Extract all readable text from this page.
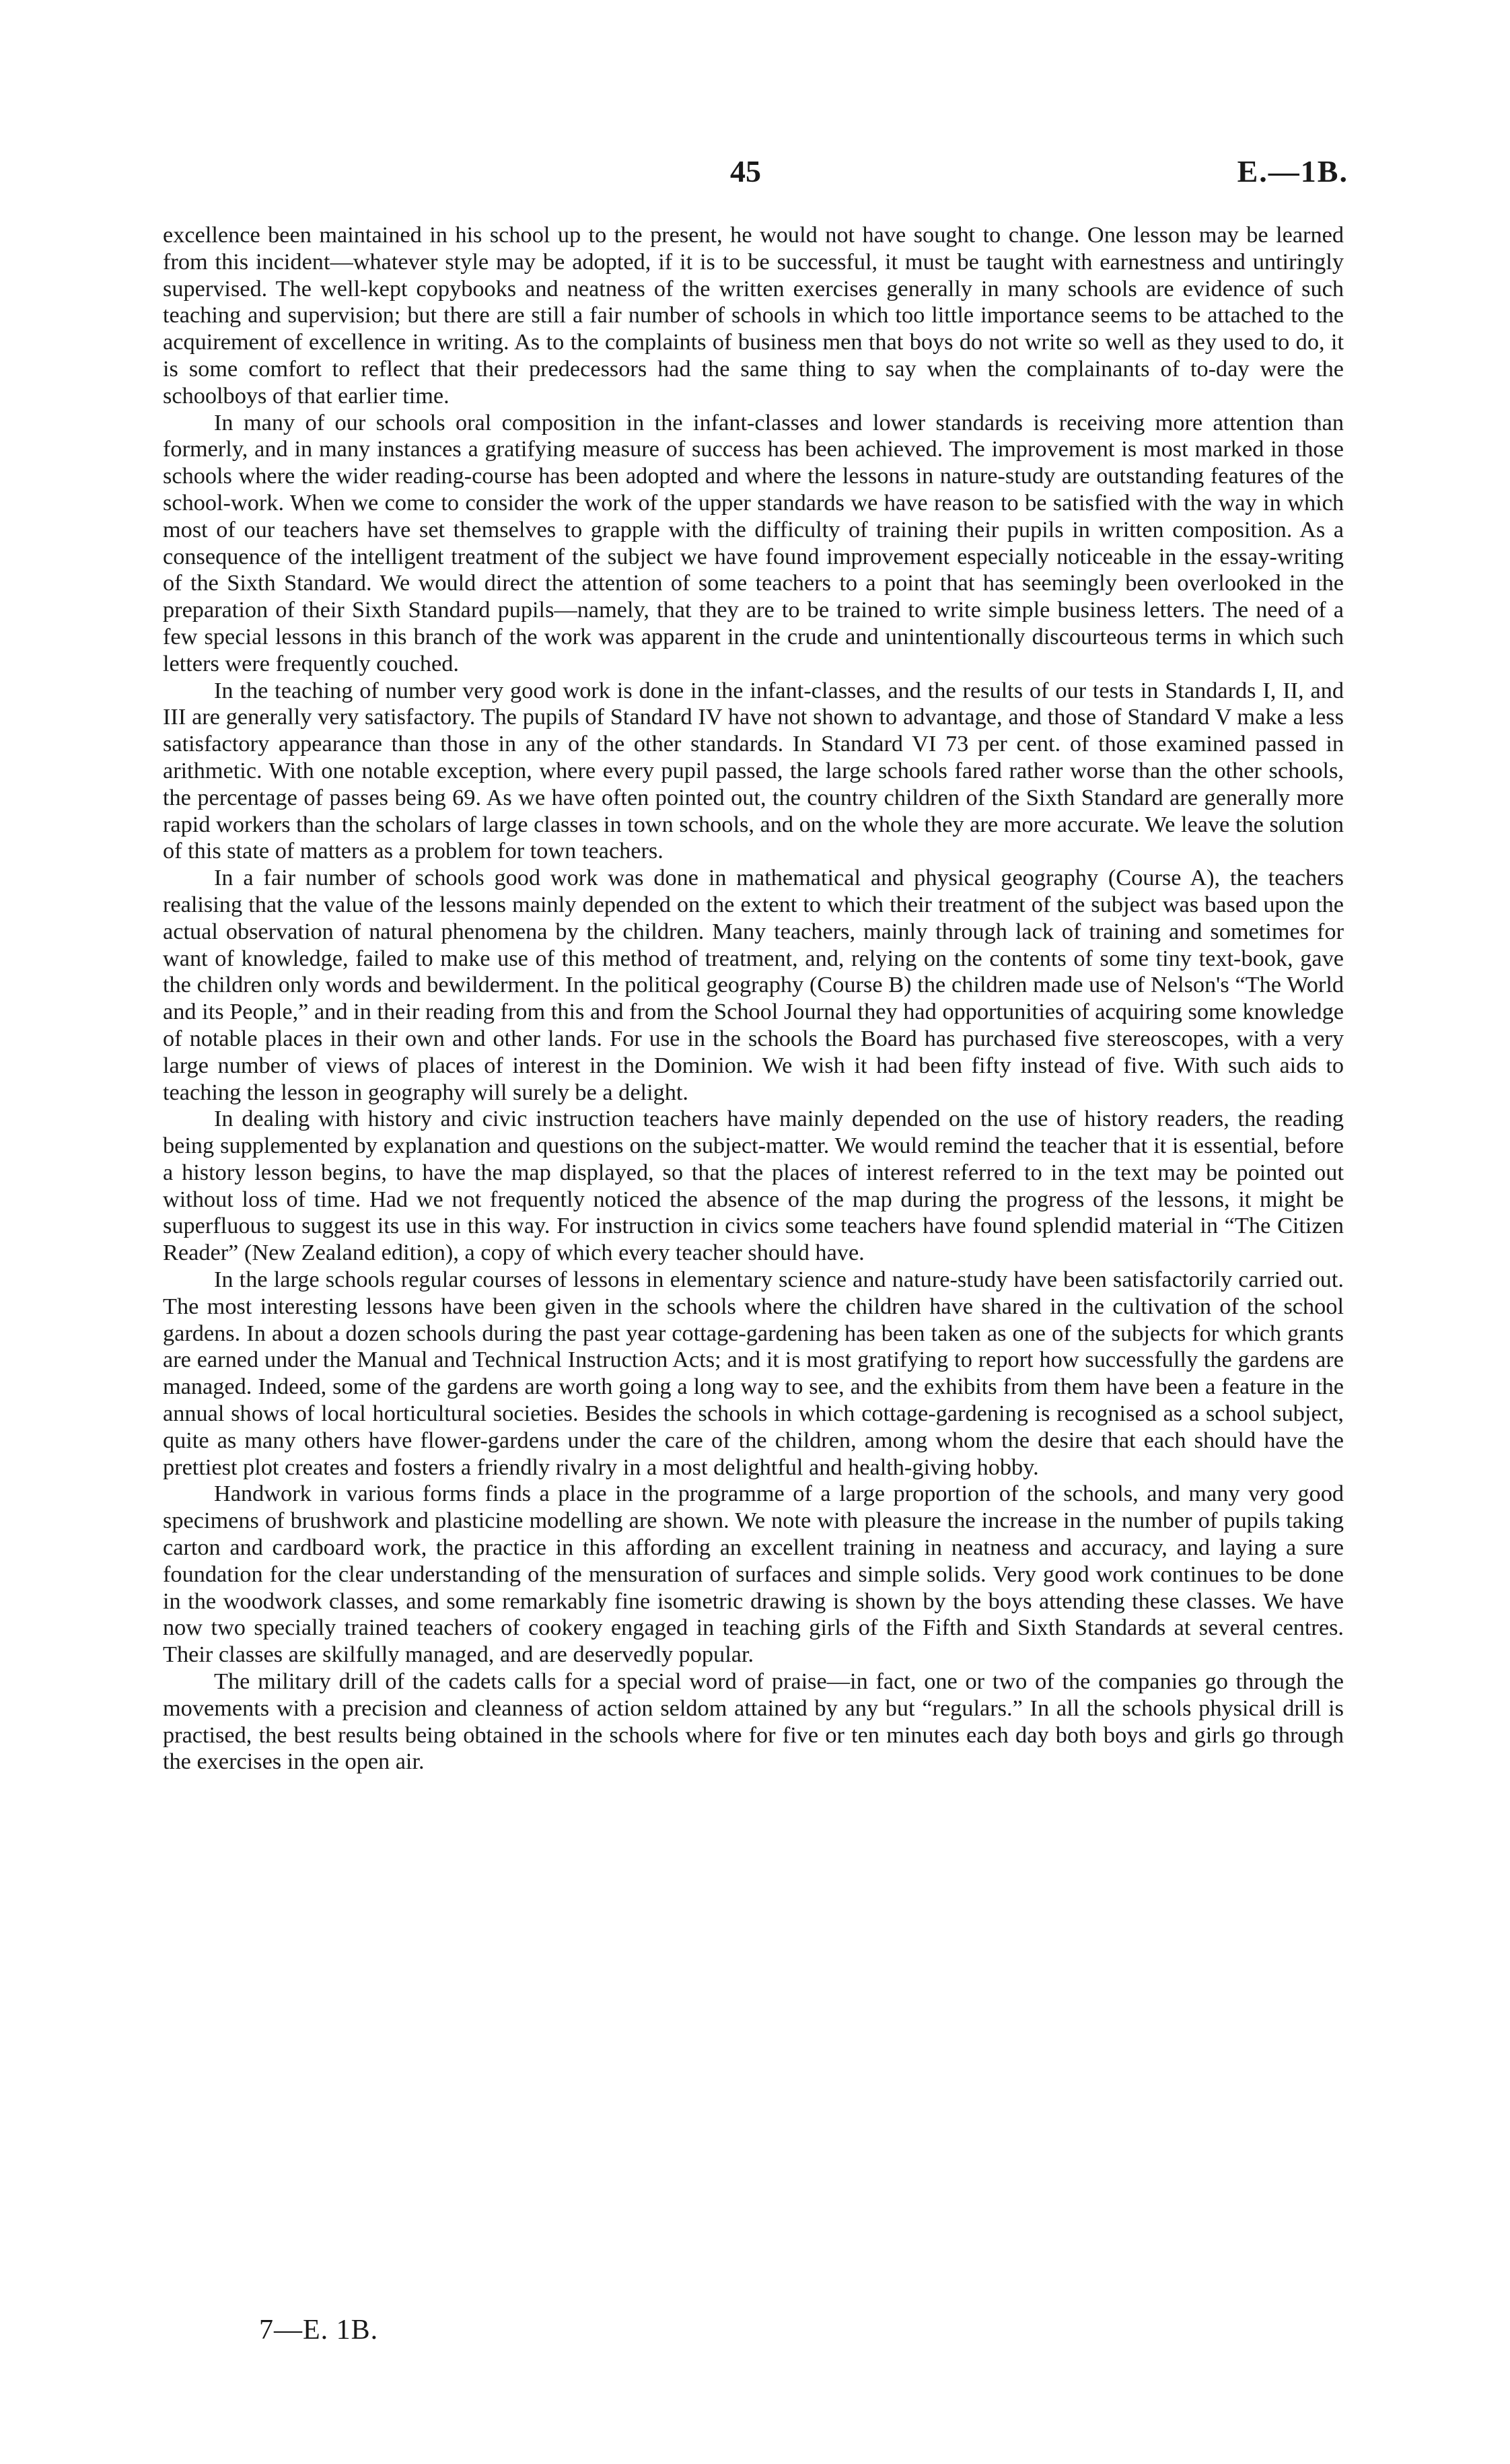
45	E.—1B.

excellence been maintained in his school up to the present, he would not have sought to change. One lesson may be learned from this incident—whatever style may be adopted, if it is to be successful, it must be taught with earnestness and untiringly supervised. The well-kept copybooks and neatness of the written exercises generally in many schools are evidence of such teaching and supervision; but there are still a fair number of schools in which too little importance seems to be attached to the acquirement of excellence in writing. As to the complaints of business men that boys do not write so well as they used to do, it is some comfort to reflect that their predecessors had the same thing to say when the complainants of to-day were the schoolboys of that earlier time.

In many of our schools oral composition in the infant-classes and lower standards is receiving more attention than formerly, and in many instances a gratifying measure of success has been achieved. The improvement is most marked in those schools where the wider reading-course has been adopted and where the lessons in nature-study are outstanding features of the school-work. When we come to consider the work of the upper standards we have reason to be satisfied with the way in which most of our teachers have set themselves to grapple with the difficulty of training their pupils in written composition. As a consequence of the intelligent treatment of the subject we have found improvement especially noticeable in the essay-writing of the Sixth Standard. We would direct the attention of some teachers to a point that has seemingly been overlooked in the preparation of their Sixth Standard pupils—namely, that they are to be trained to write simple business letters. The need of a few special lessons in this branch of the work was apparent in the crude and unintentionally discourteous terms in which such letters were frequently couched.

In the teaching of number very good work is done in the infant-classes, and the results of our tests in Standards I, II, and III are generally very satisfactory. The pupils of Standard IV have not shown to advantage, and those of Standard V make a less satisfactory appearance than those in any of the other standards. In Standard VI 73 per cent. of those examined passed in arithmetic. With one notable exception, where every pupil passed, the large schools fared rather worse than the other schools, the percentage of passes being 69. As we have often pointed out, the country children of the Sixth Standard are generally more rapid workers than the scholars of large classes in town schools, and on the whole they are more accurate. We leave the solution of this state of matters as a problem for town teachers.

In a fair number of schools good work was done in mathematical and physical geography (Course A), the teachers realising that the value of the lessons mainly depended on the extent to which their treatment of the subject was based upon the actual observation of natural phenomena by the children. Many teachers, mainly through lack of training and sometimes for want of knowledge, failed to make use of this method of treatment, and, relying on the contents of some tiny text-book, gave the children only words and bewilderment. In the political geography (Course B) the children made use of Nelson's “The World and its People,” and in their reading from this and from the School Journal they had opportunities of acquiring some knowledge of notable places in their own and other lands. For use in the schools the Board has purchased five stereoscopes, with a very large number of views of places of interest in the Dominion. We wish it had been fifty instead of five. With such aids to teaching the lesson in geography will surely be a delight.

In dealing with history and civic instruction teachers have mainly depended on the use of history readers, the reading being supplemented by explanation and questions on the subject-matter. We would remind the teacher that it is essential, before a history lesson begins, to have the map displayed, so that the places of interest referred to in the text may be pointed out without loss of time. Had we not frequently noticed the absence of the map during the progress of the lessons, it might be superfluous to suggest its use in this way. For instruction in civics some teachers have found splendid material in “The Citizen Reader” (New Zealand edition), a copy of which every teacher should have.

In the large schools regular courses of lessons in elementary science and nature-study have been satisfactorily carried out. The most interesting lessons have been given in the schools where the children have shared in the cultivation of the school gardens. In about a dozen schools during the past year cottage-gardening has been taken as one of the subjects for which grants are earned under the Manual and Technical Instruction Acts; and it is most gratifying to report how successfully the gardens are managed. Indeed, some of the gardens are worth going a long way to see, and the exhibits from them have been a feature in the annual shows of local horticultural societies. Besides the schools in which cottage-gardening is recognised as a school subject, quite as many others have flower-gardens under the care of the children, among whom the desire that each should have the prettiest plot creates and fosters a friendly rivalry in a most delightful and health-giving hobby.

Handwork in various forms finds a place in the programme of a large proportion of the schools, and many very good specimens of brushwork and plasticine modelling are shown. We note with pleasure the increase in the number of pupils taking carton and cardboard work, the practice in this affording an excellent training in neatness and accuracy, and laying a sure foundation for the clear understanding of the mensuration of surfaces and simple solids. Very good work continues to be done in the woodwork classes, and some remarkably fine isometric drawing is shown by the boys attending these classes. We have now two specially trained teachers of cookery engaged in teaching girls of the Fifth and Sixth Standards at several centres. Their classes are skilfully managed, and are deservedly popular.

The military drill of the cadets calls for a special word of praise—in fact, one or two of the companies go through the movements with a precision and cleanness of action seldom attained by any but “regulars.” In all the schools physical drill is practised, the best results being obtained in the schools where for five or ten minutes each day both boys and girls go through the exercises in the open air.

7—E. 1B.
